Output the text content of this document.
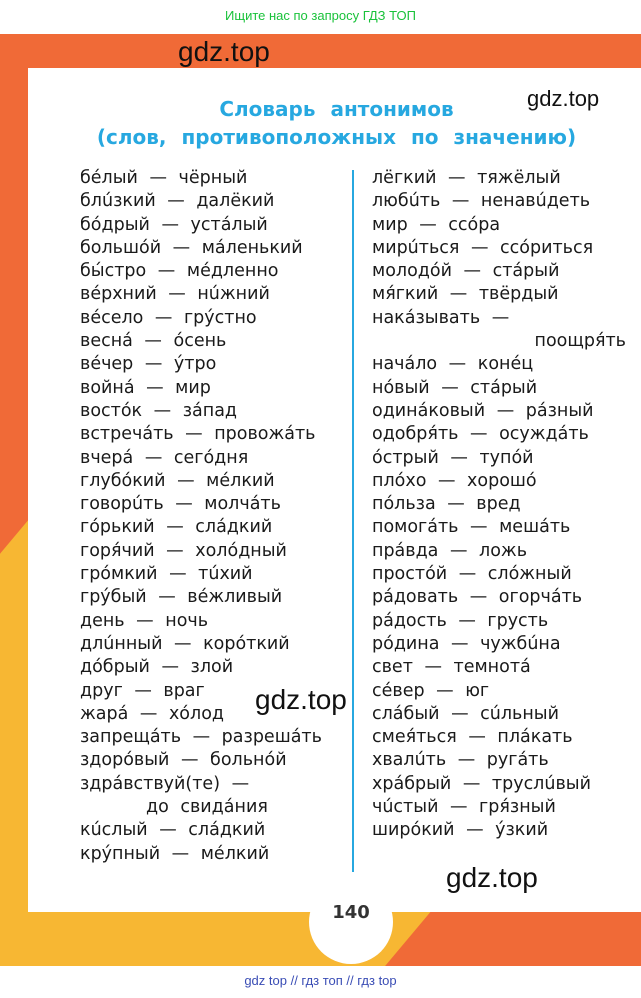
Ищите нас по запросу ГДЗ ТОП
Словарь антонимов
(слов, противоположных по значению)
бéлый — чёрный
блúзкий — далёкий
бóдрый — устáлый
большóй — мáленький
бы́стро — мéдленно
вéрхний — нúжний
вéсело — грýстно
веснá — óсень
вéчер — ýтро
войнá — мир
востóк — зáпад
встречáть — провожáть
вчерá — сегóдня
глубóкий — мéлкий
говорúть — молчáть
гóрький — слáдкий
горя́чий — холóдный
грóмкий — тúхий
грýбый — вéжливый
день — ночь
длúнный — корóткий
дóбрый — злой
друг — враг
жарá — хóлод
запрещáть — разрешáть
здорóвый — больнóй
здрáвствуй(те) —
до свидáния
кúслый — слáдкий
крýпный — мéлкий
лёгкий — тяжёлый
любúть — ненавúдеть
мир — ссóра
мирúться — ссóриться
молодóй — стáрый
мя́гкий — твёрдый
накáзывать —
поощря́ть
начáло — конéц
нóвый — стáрый
одинáковый — рáзный
одобря́ть — осуждáть
óстрый — тупóй
плóхо — хорошó
пóльза — вред
помогáть — мешáть
прáвда — ложь
простóй — слóжный
рáдовать — огорчáть
рáдость — грусть
рóдина — чужбúна
свет — темнотá
сéвер — юг
слáбый — сúльный
смея́ться — плáкать
хвалúть — ругáть
хрáбрый — труслúвый
чúстый — гря́зный
ширóкий — ýзкий
140
gdz.top
gdz.top
gdz.top
gdz.top
gdz top // гдз топ // гдз top
